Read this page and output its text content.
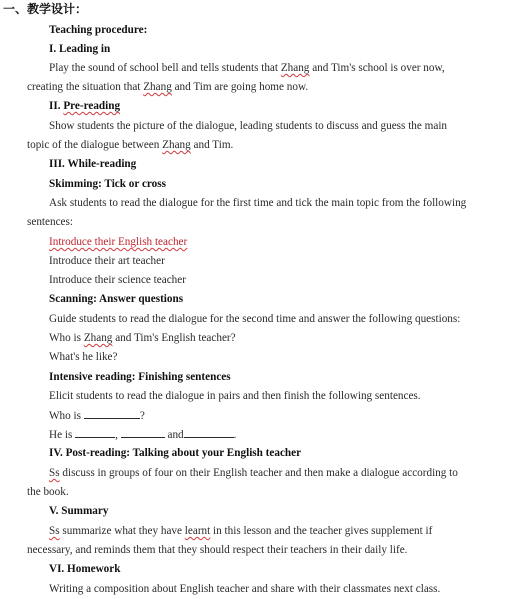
一、教学设计：
Teaching procedure:
I. Leading in
Play the sound of school bell and tells students that Zhang and Tim's school is over now,
creating the situation that Zhang and Tim are going home now.
II. Pre-reading
Show students the picture of the dialogue, leading students to discuss and guess the main
topic of the dialogue between Zhang and Tim.
III. While-reading
Skimming: Tick or cross
Ask students to read the dialogue for the first time and tick the main topic from the following
sentences:
Introduce their English teacher
Introduce their art teacher
Introduce their science teacher
Scanning: Answer questions
Guide students to read the dialogue for the second time and answer the following questions:
Who is Zhang and Tim's English teacher?
What's he like?
Intensive reading: Finishing sentences
Elicit students to read the dialogue in pairs and then finish the following sentences.
Who is	?
He is	,	and	.
IV. Post-reading: Talking about your English teacher
Ss discuss in groups of four on their English teacher and then make a dialogue according to
the book.
V. Summary
Ss summarize what they have learnt in this lesson and the teacher gives supplement if
necessary, and reminds them that they should respect their teachers in their daily life.
VI. Homework
Writing a composition about English teacher and share with their classmates next class.
